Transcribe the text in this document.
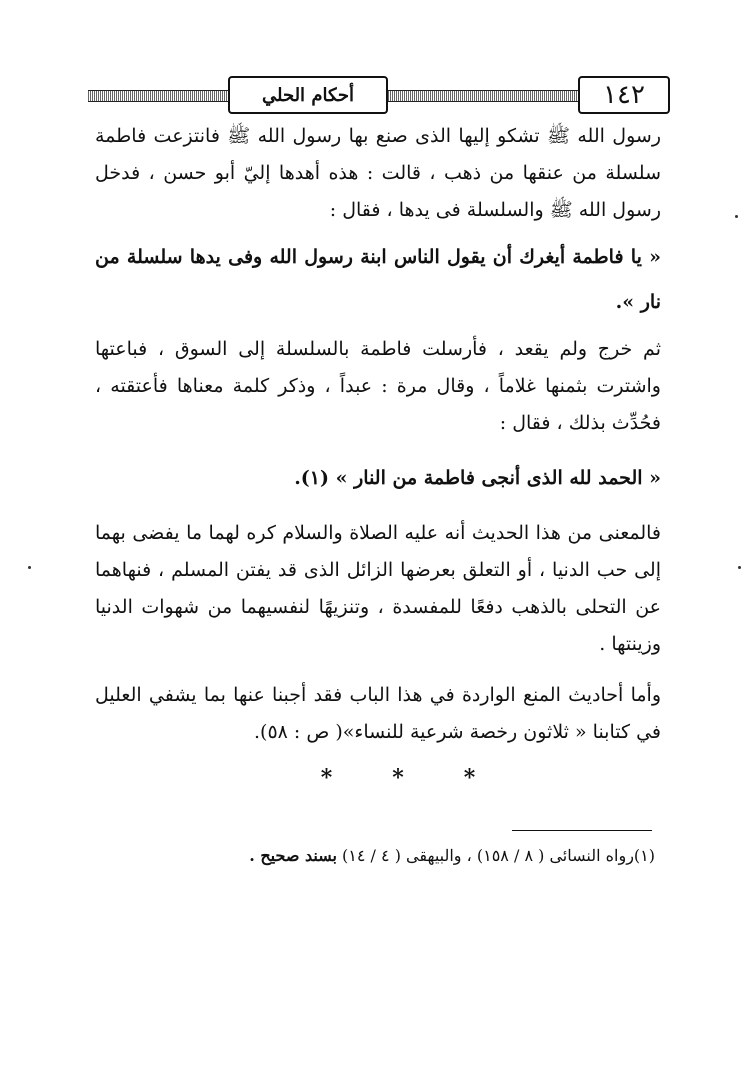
أحكام الحلي	١٤٢

رسول الله ﷺ تشكو إليها الذى صنع بها رسول الله ﷺ فانتزعت فاطمة سلسلة من عنقها من ذهب ، قالت : هذه أهدها إليّ أبو حسن ، فدخل رسول الله ﷺ والسلسلة فى يدها ، فقال :

« يا فاطمة أيغرك أن يقول الناس ابنة رسول الله وفى يدها سلسلة من نار ».

ثم خرج ولم يقعد ، فأرسلت فاطمة بالسلسلة إلى السوق ، فباعتها واشترت بثمنها غلاماً ، وقال مرة : عبداً ، وذكر كلمة معناها فأعتقته ، فحُدِّث بذلك ، فقال :

« الحمد لله الذى أنجى فاطمة من النار » (١).

فالمعنى من هذا الحديث أنه عليه الصلاة والسلام كره لهما ما يفضى بهما إلى حب الدنيا ، أو التعلق بعرضها الزائل الذى قد يفتن المسلم ، فنهاهما عن التحلى بالذهب دفعًا للمفسدة ، وتنزيهًا لنفسيهما من شهوات الدنيا وزينتها .

وأما أحاديث المنع الواردة في هذا الباب فقد أجبنا عنها بما يشفي العليل في كتابنا « ثلاثون رخصة شرعية للنساء»( ص : ٥٨).

*	*	*
(١)رواه النسائى ( ٨ / ١٥٨) ، والبيهقى ( ٤ / ١٤) بسند صحيح .
